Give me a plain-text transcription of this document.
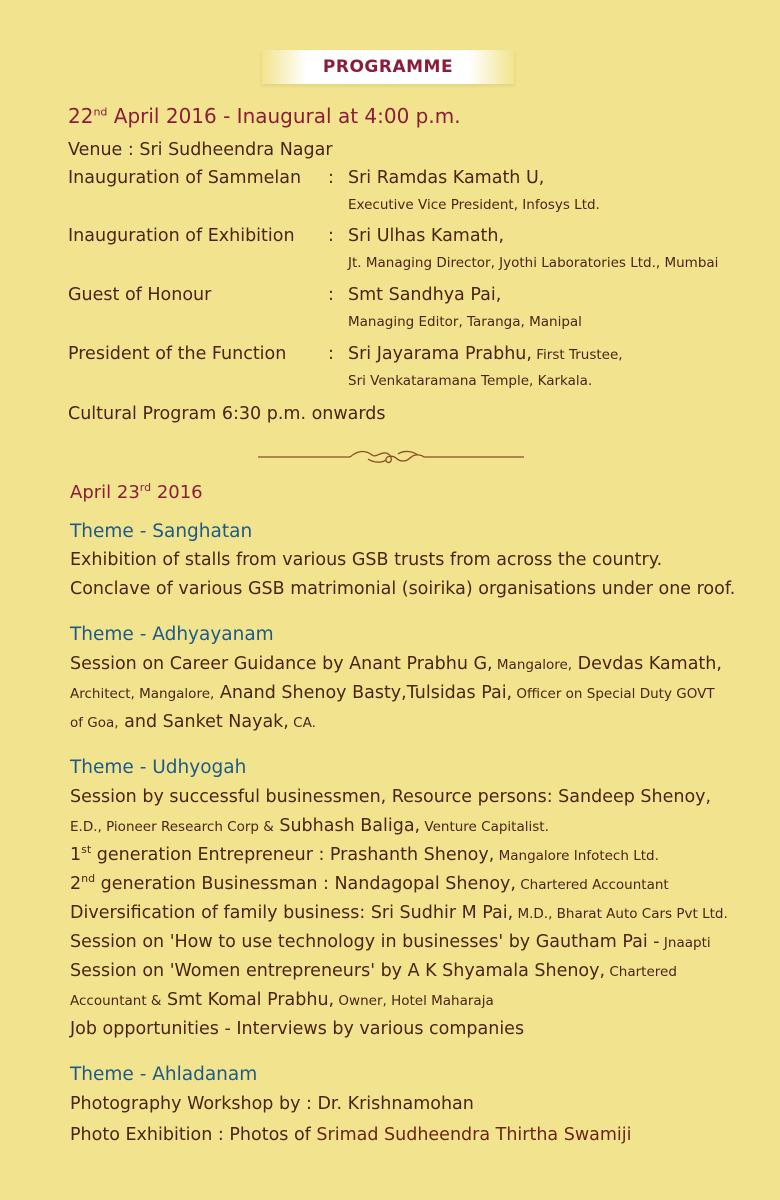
PROGRAMME
22nd April 2016 - Inaugural at 4:00 p.m.
Venue : Sri Sudheendra Nagar
Inauguration of Sammelan : Sri Ramdas Kamath U,
Executive Vice President, Infosys Ltd.
Inauguration of Exhibition : Sri Ulhas Kamath,
Jt. Managing Director, Jyothi Laboratories Ltd., Mumbai
Guest of Honour	: Smt Sandhya Pai,
Managing Editor, Taranga, Manipal
President of the Function : Sri Jayarama Prabhu, First Trustee,
Sri Venkataramana Temple, Karkala.
Cultural Program 6:30 p.m. onwards
April 23rd 2016
Theme - Sanghatan
Exhibition of stalls from various GSB trusts from across the country.
Conclave of various GSB matrimonial (soirika) organisations under one roof.
Theme - Adhyayanam
Session on Career Guidance by Anant Prabhu G, Mangalore, Devdas Kamath,
Architect, Mangalore, Anand Shenoy Basty,Tulsidas Pai, Officer on Special Duty GOVT
of Goa, and Sanket Nayak, CA.
Theme - Udhyogah
Session by successful businessmen, Resource persons: Sandeep Shenoy,
E.D., Pioneer Research Corp & Subhash Baliga, Venture Capitalist.
1st generation Entrepreneur : Prashanth Shenoy, Mangalore Infotech Ltd.
2nd generation Businessman : Nandagopal Shenoy, Chartered Accountant
Diversification of family business: Sri Sudhir M Pai, M.D., Bharat Auto Cars Pvt Ltd.
Session on 'How to use technology in businesses' by Gautham Pai - Jnaapti
Session on 'Women entrepreneurs' by A K Shyamala Shenoy, Chartered
Accountant & Smt Komal Prabhu, Owner, Hotel Maharaja
Job opportunities - Interviews by various companies
Theme - Ahladanam
Photography Workshop by : Dr. Krishnamohan
Photo Exhibition : Photos of Srimad Sudheendra Thirtha Swamiji
